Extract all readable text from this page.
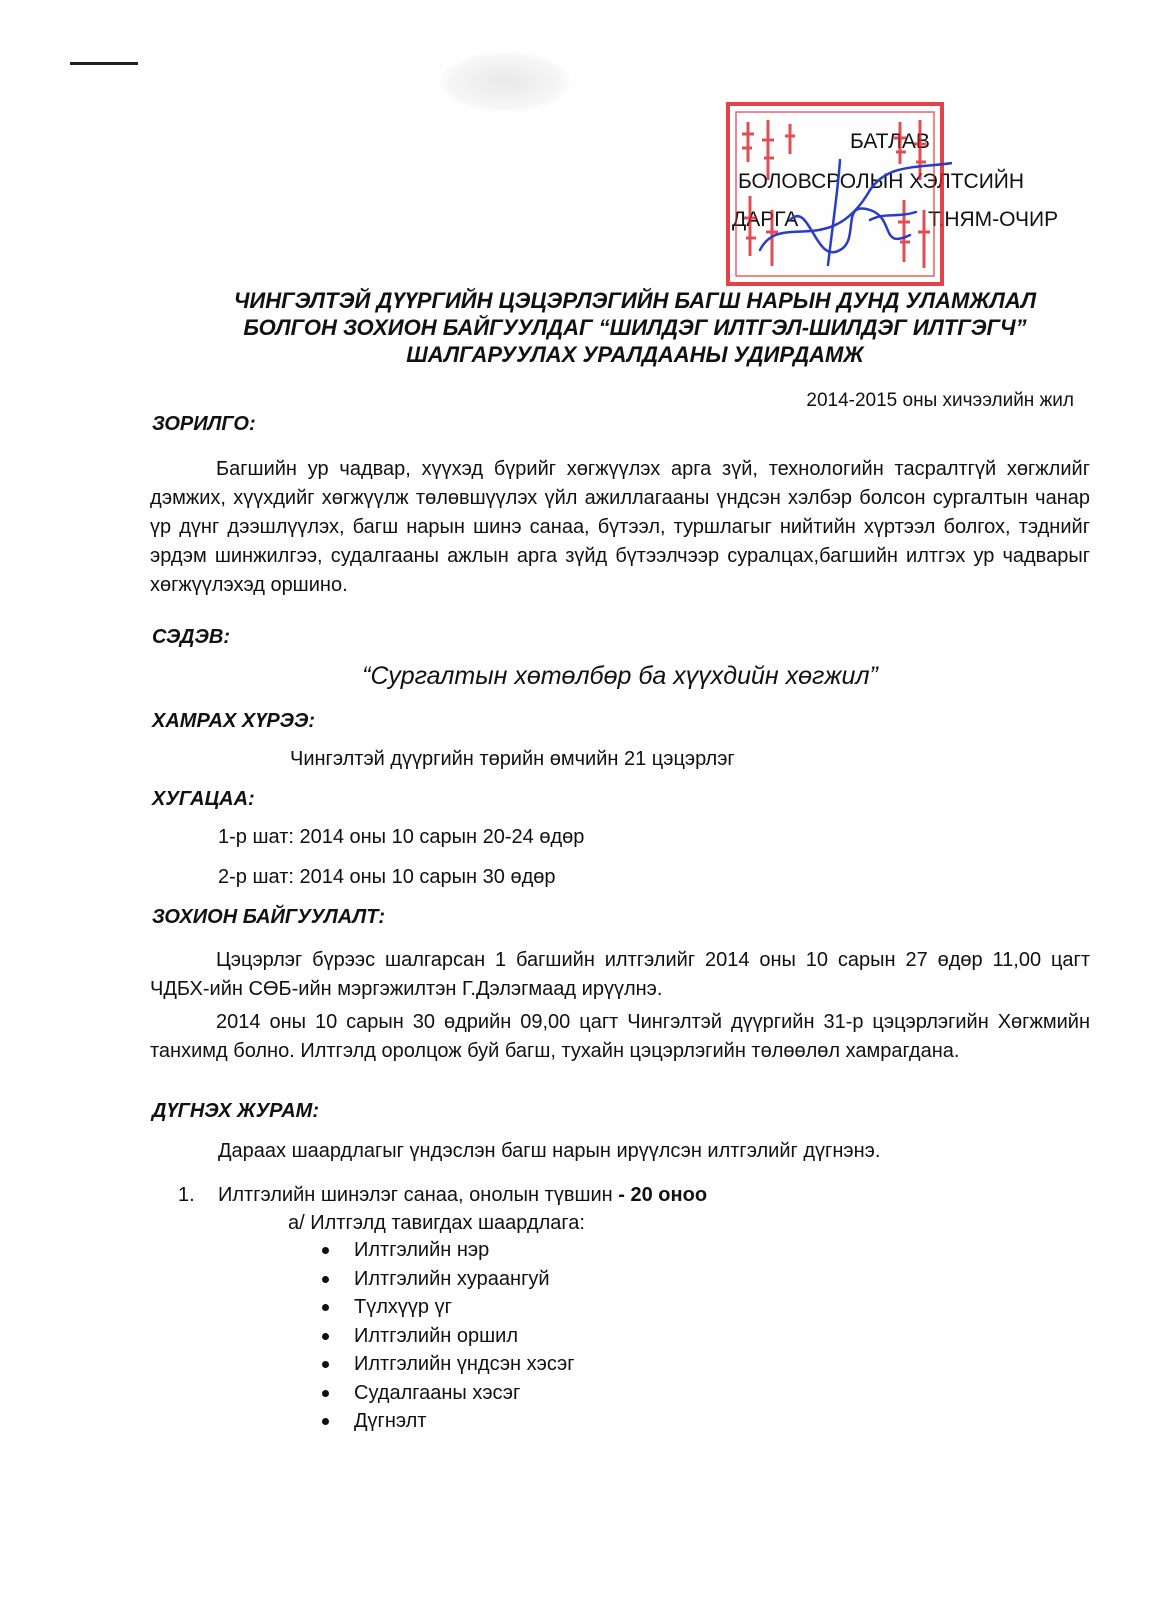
БАТЛАВ
БОЛОВСРОЛЫН ХЭЛТСИЙН
ДАРГА	Т.НЯМ-ОЧИР
ЧИНГЭЛТЭЙ ДҮҮРГИЙН ЦЭЦЭРЛЭГИЙН БАГШ НАРЫН ДУНД УЛАМЖЛАЛ
БОЛГОН ЗОХИОН БАЙГУУЛДАГ “ШИЛДЭГ ИЛТГЭЛ-ШИЛДЭГ ИЛТГЭГЧ”
ШАЛГАРУУЛАХ УРАЛДААНЫ УДИРДАМЖ
2014-2015 оны хичээлийн жил
ЗОРИЛГО:
Багшийн ур чадвар, хүүхэд бүрийг хөгжүүлэх арга зүй, технологийн тасралтгүй хөгжлийг дэмжих, хүүхдийг хөгжүүлж төлөвшүүлэх үйл ажиллагааны үндсэн хэлбэр болсон сургалтын чанар үр дүнг дээшлүүлэх, багш нарын шинэ санаа, бүтээл, туршлагыг нийтийн хүртээл болгох, тэднийг эрдэм шинжилгээ, судалгааны ажлын арга зүйд бүтээлчээр суралцах,багшийн илтгэх ур чадварыг хөгжүүлэхэд оршино.
СЭДЭВ:
“Сургалтын хөтөлбөр ба хүүхдийн хөгжил”
ХАМРАХ ХҮРЭЭ:
Чингэлтэй дүүргийн төрийн өмчийн 21 цэцэрлэг
ХУГАЦАА:
1-р шат: 2014 оны 10 сарын 20-24 өдөр
2-р шат: 2014 оны 10 сарын 30 өдөр
ЗОХИОН БАЙГУУЛАЛТ:
Цэцэрлэг бүрээс шалгарсан 1 багшийн илтгэлийг 2014 оны 10 сарын 27 өдөр 11,00 цагт ЧДБХ-ийн СӨБ-ийн мэргэжилтэн Г.Дэлэгмаад ирүүлнэ.
2014 оны 10 сарын 30 өдрийн 09,00 цагт Чингэлтэй дүүргийн 31-р цэцэрлэгийн Хөгжмийн танхимд болно. Илтгэлд оролцож буй багш, тухайн цэцэрлэгийн төлөөлөл хамрагдана.
ДҮГНЭХ ЖУРАМ:
Дараах шаардлагыг үндэслэн багш нарын ирүүлсэн илтгэлийг дүгнэнэ.
1. Илтгэлийн шинэлэг санаа, онолын түвшин - 20 оноо
а/ Илтгэлд тавигдах шаардлага:
Илтгэлийн нэр
Илтгэлийн хураангуй
Түлхүүр үг
Илтгэлийн оршил
Илтгэлийн үндсэн хэсэг
Судалгааны хэсэг
Дүгнэлт
